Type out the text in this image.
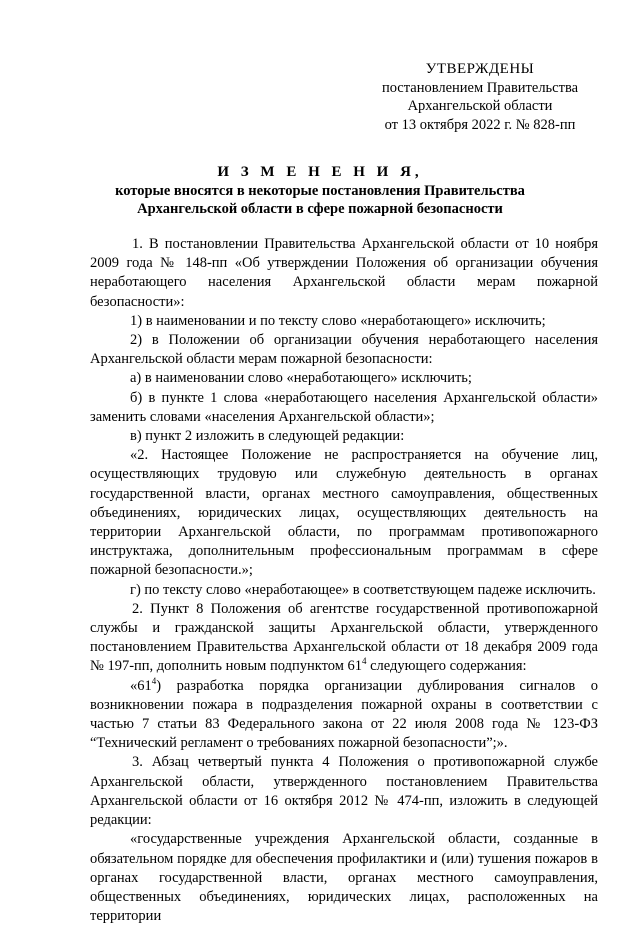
УТВЕРЖДЕНЫ
постановлением Правительства
Архангельской области
от 13 октября 2022 г. № 828-пп
И З М Е Н Е Н И Я,
которые вносятся в некоторые постановления Правительства
Архангельской области в сфере пожарной безопасности

1. В постановлении Правительства Архангельской области от 10 ноября 2009 года № 148-пп «Об утверждении Положения об организации обучения неработающего населения Архангельской области мерам пожарной безопасности»:

1) в наименовании и по тексту слово «неработающего» исключить;

2) в Положении об организации обучения неработающего населения Архангельской области мерам пожарной безопасности:

а) в наименовании слово «неработающего» исключить;

б) в пункте 1 слова «неработающего населения Архангельской области» заменить словами «населения Архангельской области»;

в) пункт 2 изложить в следующей редакции:

«2. Настоящее Положение не распространяется на обучение лиц, осуществляющих трудовую или служебную деятельность в органах государственной власти, органах местного самоуправления, общественных объединениях, юридических лицах, осуществляющих деятельность на территории Архангельской области, по программам противопожарного инструктажа, дополнительным профессиональным программам в сфере пожарной безопасности.»;

г) по тексту слово «неработающее» в соответствующем падеже исключить.

2. Пункт 8 Положения об агентстве государственной противопожарной службы и гражданской защиты Архангельской области, утвержденного постановлением Правительства Архангельской области от 18 декабря 2009 года № 197-пп, дополнить новым подпунктом $61^4$ следующего содержания:

«$61^4$) разработка порядка организации дублирования сигналов о возникновении пожара в подразделения пожарной охраны в соответствии с частью 7 статьи 83 Федерального закона от 22 июля 2008 года № 123-ФЗ “Технический регламент о требованиях пожарной безопасности”;».

3. Абзац четвертый пункта 4 Положения о противопожарной службе Архангельской области, утвержденного постановлением Правительства Архангельской области от 16 октября 2012 № 474-пп, изложить в следующей редакции:

«государственные учреждения Архангельской области, созданные в обязательном порядке для обеспечения профилактики и (или) тушения пожаров в органах государственной власти, органах местного самоуправления, общественных объединениях, юридических лицах, расположенных на территории
